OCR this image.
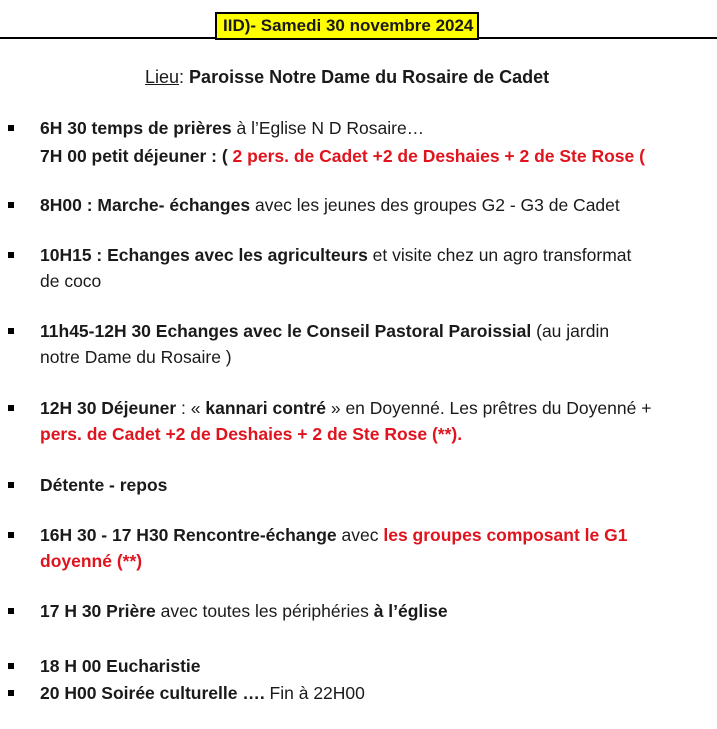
IID)- Samedi 30 novembre 2024
Lieu: Paroisse Notre Dame du Rosaire de Cadet
6H 30 temps de prières à l’Eglise N D Rosaire…
7H 00 petit déjeuner : ( 2 pers. de Cadet +2 de Deshaies + 2 de Ste Rose (
8H00 : Marche- échanges avec les jeunes des groupes G2 - G3 de Cadet
10H15 : Echanges avec les agriculteurs et visite chez un agro transformat
de coco
11h45-12H 30 Echanges avec le Conseil Pastoral Paroissial (au jardin
notre Dame du Rosaire )
12H 30 Déjeuner : « kannari contré » en Doyenné. Les prêtres du Doyenné +
pers. de Cadet +2 de Deshaies + 2 de Ste Rose (**).
Détente - repos
16H 30 - 17 H30 Rencontre-échange avec les groupes composant le G1
doyenné (**)
17 H 30 Prière avec toutes les périphéries à l’église
18 H 00 Eucharistie
20 H00 Soirée culturelle …. Fin à 22H00
